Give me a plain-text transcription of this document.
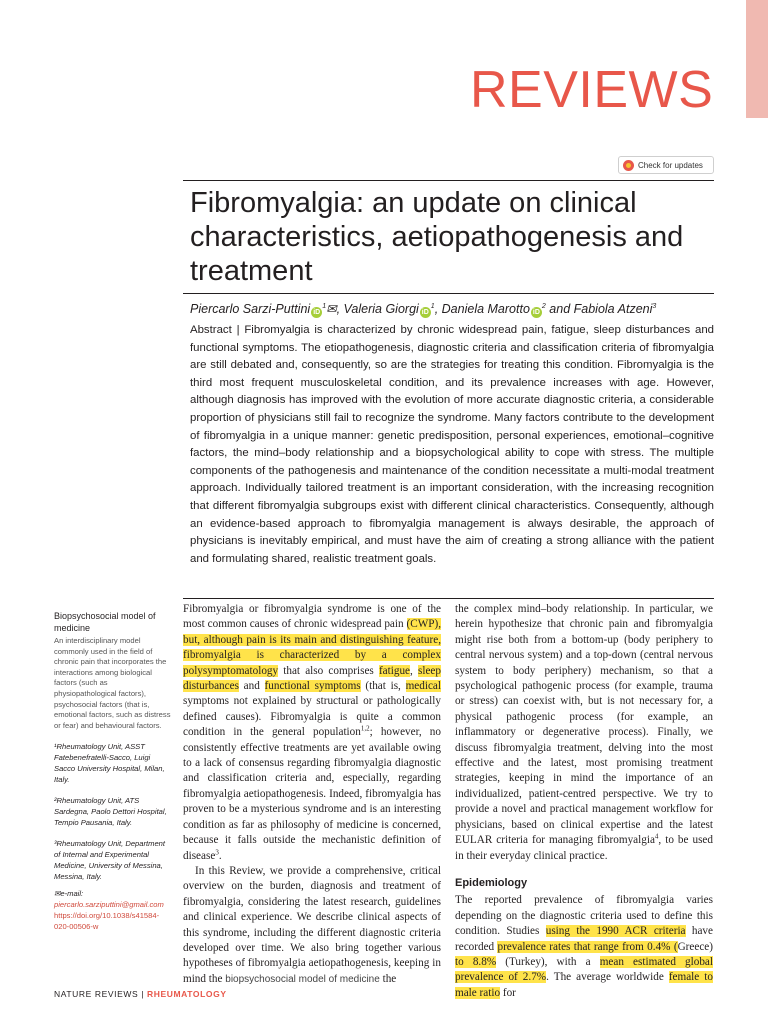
REVIEWS
Check for updates
Fibromyalgia: an update on clinical characteristics, aetiopathogenesis and treatment
Piercarlo Sarzi-Puttini $iD^1✉$, Valeria Giorgi $iD^1$, Daniela Marotto $iD^2$ and Fabiola Atzeni$^3$
Abstract | Fibromyalgia is characterized by chronic widespread pain, fatigue, sleep disturbances and functional symptoms. The etiopathogenesis, diagnostic criteria and classification criteria of fibromyalgia are still debated and, consequently, so are the strategies for treating this condition. Fibromyalgia is the third most frequent musculoskeletal condition, and its prevalence increases with age. However, although diagnosis has improved with the evolution of more accurate diagnostic criteria, a considerable proportion of physicians still fail to recognize the syndrome. Many factors contribute to the development of fibromyalgia in a unique manner: genetic predisposition, personal experiences, emotional–cognitive factors, the mind–body relationship and a biopsychological ability to cope with stress. The multiple components of the pathogenesis and maintenance of the condition necessitate a multi-modal treatment approach. Individually tailored treatment is an important consideration, with the increasing recognition that different fibromyalgia subgroups exist with different clinical characteristics. Consequently, although an evidence-based approach to fibromyalgia management is always desirable, the approach of physicians is inevitably empirical, and must have the aim of creating a strong alliance with the patient and formulating shared, realistic treatment goals.

Biopsychosocial model of medicine

An interdisciplinary model commonly used in the field of chronic pain that incorporates the interactions among biological factors (such as physiopathological factors), psychosocial factors (that is, emotional factors, such as distress or fear) and behavioural factors.

¹Rheumatology Unit, ASST Fatebenefratelli-Sacco, Luigi Sacco University Hospital, Milan, Italy.

²Rheumatology Unit, ATS Sardegna, Paolo Dettori Hospital, Tempio Pausania, Italy.

³Rheumatology Unit, Department of Internal and Experimental Medicine, University of Messina, Messina, Italy.

✉e-mail: piercarlo.sarziputtini@gmail.com

https://doi.org/10.1038/s41584-020-00506-w

Fibromyalgia or fibromyalgia syndrome is one of the most common causes of chronic widespread pain (CWP), but, although pain is its main and distinguishing feature, fibromyalgia is characterized by a complex polysymptomatology that also comprises fatigue, sleep disturbances and functional symptoms (that is, medical symptoms not explained by structural or pathologically defined causes). Fibromyalgia is quite a common condition in the general population$^{1,2}$; however, no consistently effective treatments are yet available owing to a lack of consensus regarding fibromyalgia diagnostic and classification criteria and, especially, regarding fibromyalgia aetiopathogenesis. Indeed, fibromyalgia has proven to be a mysterious syndrome and is an interesting condition as far as philosophy of medicine is concerned, because it falls outside the mechanistic definition of disease$^3$.

In this Review, we provide a comprehensive, critical overview on the burden, diagnosis and treatment of fibromyalgia, considering the latest research, guidelines and clinical experience. We describe clinical aspects of this syndrome, including the different diagnostic criteria developed over time. We also bring together various hypotheses of fibromyalgia aetiopathogenesis, keeping in mind the biopsychosocial model of medicine the

the complex mind–body relationship. In particular, we herein hypothesize that chronic pain and fibromyalgia might rise both from a bottom-up (body periphery to central nervous system) and a top-down (central nervous system to body periphery) mechanism, so that a psychological pathogenic process (for example, trauma or stress) can coexist with, but is not necessary for, a physical pathogenic process (for example, an inflammatory or degenerative process). Finally, we discuss fibromyalgia treatment, delving into the most effective and the latest, most promising treatment strategies, keeping in mind the importance of an individualized, patient-centred perspective. We try to provide a novel and practical management workflow for physicians, based on clinical expertise and the latest EULAR criteria for managing fibromyalgia$^4$, to be used in their everyday clinical practice.

Epidemiology

The reported prevalence of fibromyalgia varies depending on the diagnostic criteria used to define this condition. Studies using the 1990 ACR criteria have recorded prevalence rates that range from 0.4% (Greece) to 8.8% (Turkey), with a mean estimated global prevalence of 2.7%. The average worldwide female to male ratio for

NATURE REVIEWS | RHEUMATOLOGY
